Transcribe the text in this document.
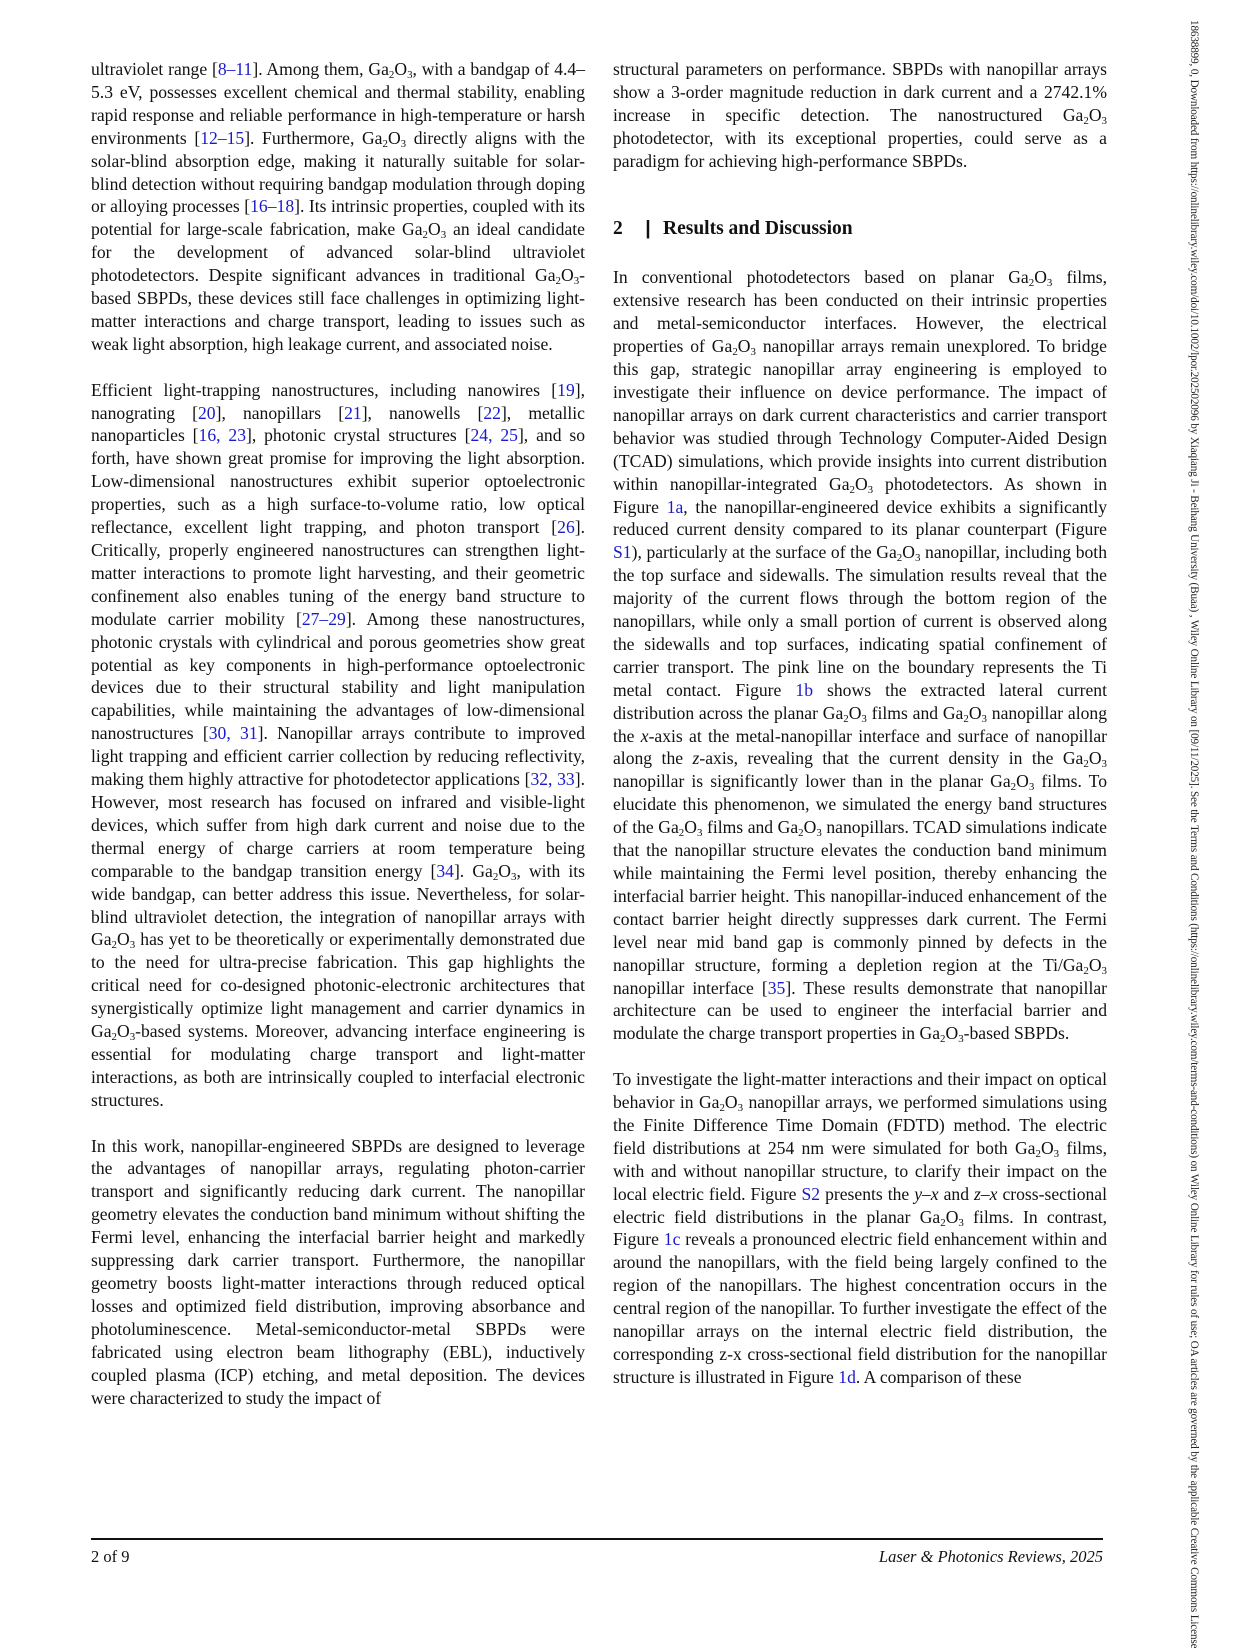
ultraviolet range [8–11]. Among them, $Ga_2O_3$, with a bandgap of 4.4–5.3 eV, possesses excellent chemical and thermal stability, enabling rapid response and reliable performance in high-temperature or harsh environments [12–15]. Furthermore, $Ga_2O_3$ directly aligns with the solar-blind absorption edge, making it naturally suitable for solar-blind detection without requiring bandgap modulation through doping or alloying processes [16–18]. Its intrinsic properties, coupled with its potential for large-scale fabrication, make $Ga_2O_3$ an ideal candidate for the development of advanced solar-blind ultraviolet photodetectors. Despite significant advances in traditional $Ga_2O_3$-based SBPDs, these devices still face challenges in optimizing light-matter interactions and charge transport, leading to issues such as weak light absorption, high leakage current, and associated noise.

Efficient light-trapping nanostructures, including nanowires [19], nanograting [20], nanopillars [21], nanowells [22], metallic nanoparticles [16, 23], photonic crystal structures [24, 25], and so forth, have shown great promise for improving the light absorption. Low-dimensional nanostructures exhibit superior optoelectronic properties, such as a high surface-to-volume ratio, low optical reflectance, excellent light trapping, and photon transport [26]. Critically, properly engineered nanostructures can strengthen light-matter interactions to promote light harvesting, and their geometric confinement also enables tuning of the energy band structure to modulate carrier mobility [27–29]. Among these nanostructures, photonic crystals with cylindrical and porous geometries show great potential as key components in high-performance optoelectronic devices due to their structural stability and light manipulation capabilities, while maintaining the advantages of low-dimensional nanostructures [30, 31]. Nanopillar arrays contribute to improved light trapping and efficient carrier collection by reducing reflectivity, making them highly attractive for photodetector applications [32, 33]. However, most research has focused on infrared and visible-light devices, which suffer from high dark current and noise due to the thermal energy of charge carriers at room temperature being comparable to the bandgap transition energy [34]. $Ga_2O_3$, with its wide bandgap, can better address this issue. Nevertheless, for solar-blind ultraviolet detection, the integration of nanopillar arrays with $Ga_2O_3$ has yet to be theoretically or experimentally demonstrated due to the need for ultra-precise fabrication. This gap highlights the critical need for co-designed photonic-electronic architectures that synergistically optimize light management and carrier dynamics in $Ga_2O_3$-based systems. Moreover, advancing interface engineering is essential for modulating charge transport and light-matter interactions, as both are intrinsically coupled to interfacial electronic structures.

In this work, nanopillar-engineered SBPDs are designed to leverage the advantages of nanopillar arrays, regulating photon-carrier transport and significantly reducing dark current. The nanopillar geometry elevates the conduction band minimum without shifting the Fermi level, enhancing the interfacial barrier height and markedly suppressing dark carrier transport. Furthermore, the nanopillar geometry boosts light-matter interactions through reduced optical losses and optimized field distribution, improving absorbance and photoluminescence. Metal-semiconductor-metal SBPDs were fabricated using electron beam lithography (EBL), inductively coupled plasma (ICP) etching, and metal deposition. The devices were characterized to study the impact of

structural parameters on performance. SBPDs with nanopillar arrays show a 3-order magnitude reduction in dark current and a 2742.1% increase in specific detection. The nanostructured $Ga_2O_3$ photodetector, with its exceptional properties, could serve as a paradigm for achieving high-performance SBPDs.

2	| Results and Discussion

In conventional photodetectors based on planar $Ga_2O_3$ films, extensive research has been conducted on their intrinsic properties and metal-semiconductor interfaces. However, the electrical properties of $Ga_2O_3$ nanopillar arrays remain unexplored. To bridge this gap, strategic nanopillar array engineering is employed to investigate their influence on device performance. The impact of nanopillar arrays on dark current characteristics and carrier transport behavior was studied through Technology Computer-Aided Design (TCAD) simulations, which provide insights into current distribution within nanopillar-integrated $Ga_2O_3$ photodetectors. As shown in Figure 1a, the nanopillar-engineered device exhibits a significantly reduced current density compared to its planar counterpart (Figure S1), particularly at the surface of the $Ga_2O_3$ nanopillar, including both the top surface and sidewalls. The simulation results reveal that the majority of the current flows through the bottom region of the nanopillars, while only a small portion of current is observed along the sidewalls and top surfaces, indicating spatial confinement of carrier transport. The pink line on the boundary represents the Ti metal contact. Figure 1b shows the extracted lateral current distribution across the planar $Ga_2O_3$ films and $Ga_2O_3$ nanopillar along the x-axis at the metal-nanopillar interface and surface of nanopillar along the z-axis, revealing that the current density in the $Ga_2O_3$ nanopillar is significantly lower than in the planar $Ga_2O_3$ films. To elucidate this phenomenon, we simulated the energy band structures of the $Ga_2O_3$ films and $Ga_2O_3$ nanopillars. TCAD simulations indicate that the nanopillar structure elevates the conduction band minimum while maintaining the Fermi level position, thereby enhancing the interfacial barrier height. This nanopillar-induced enhancement of the contact barrier height directly suppresses dark current. The Fermi level near mid band gap is commonly pinned by defects in the nanopillar structure, forming a depletion region at the $Ti/Ga_2O_3$ nanopillar interface [35]. These results demonstrate that nanopillar architecture can be used to engineer the interfacial barrier and modulate the charge transport properties in $Ga_2O_3$-based SBPDs.

To investigate the light-matter interactions and their impact on optical behavior in $Ga_2O_3$ nanopillar arrays, we performed simulations using the Finite Difference Time Domain (FDTD) method. The electric field distributions at 254 nm were simulated for both $Ga_2O_3$ films, with and without nanopillar structure, to clarify their impact on the local electric field. Figure S2 presents the y–x and z–x cross-sectional electric field distributions in the planar $Ga_2O_3$ films. In contrast, Figure 1c reveals a pronounced electric field enhancement within and around the nanopillars, with the field being largely confined to the region of the nanopillars. The highest concentration occurs in the central region of the nanopillar. To further investigate the effect of the nanopillar arrays on the internal electric field distribution, the corresponding z-x cross-sectional field distribution for the nanopillar structure is illustrated in Figure 1d. A comparison of these

2 of 9	Laser & Photonics Reviews, 2025	18638899, 0, Downloaded from https://onlinelibrary.wiley.com/doi/10.1002/lpor.202502096 by Xiaqiang Ji - Beihang University (Buaa) , Wiley Online Library on [09/11/2025]. See the Terms and Conditions (https://onlinelibrary.wiley.com/terms-and-conditions) on Wiley Online Library for rules of use; OA articles are governed by the applicable Creative Commons License
